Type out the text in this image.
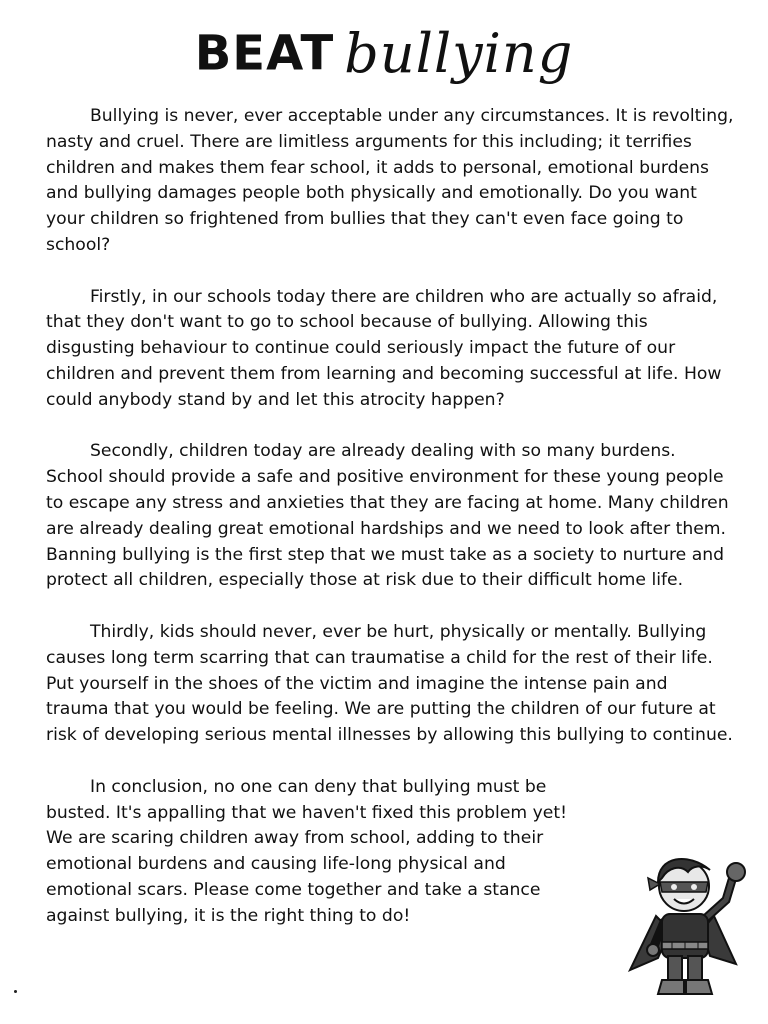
BEAT bullying

Bullying is never, ever acceptable under any circumstances. It is revolting, nasty and cruel. There are limitless arguments for this including; it terrifies children and makes them fear school, it adds to personal, emotional burdens and bullying damages people both physically and emotionally. Do you want your children so frightened from bullies that they can't even face going to school?

Firstly, in our schools today there are children who are actually so afraid, that they don't want to go to school because of bullying. Allowing this disgusting behaviour to continue could seriously impact the future of our children and prevent them from learning and becoming successful at life. How could anybody stand by and let this atrocity happen?

Secondly, children today are already dealing with so many burdens. School should provide a safe and positive environment for these young people to escape any stress and anxieties that they are facing at home. Many children are already dealing great emotional hardships and we need to look after them. Banning bullying is the first step that we must take as a society to nurture and protect all children, especially those at risk due to their difficult home life.

Thirdly, kids should never, ever be hurt, physically or mentally. Bullying causes long term scarring that can traumatise a child for the rest of their life. Put yourself in the shoes of the victim and imagine the intense pain and trauma that you would be feeling. We are putting the children of our future at risk of developing serious mental illnesses by allowing this bullying to continue.

In conclusion, no one can deny that bullying must be busted. It's appalling that we haven't fixed this problem yet! We are scaring children away from school, adding to their emotional burdens and causing life-long physical and emotional scars. Please come together and take a stance against bullying, it is the right thing to do!
